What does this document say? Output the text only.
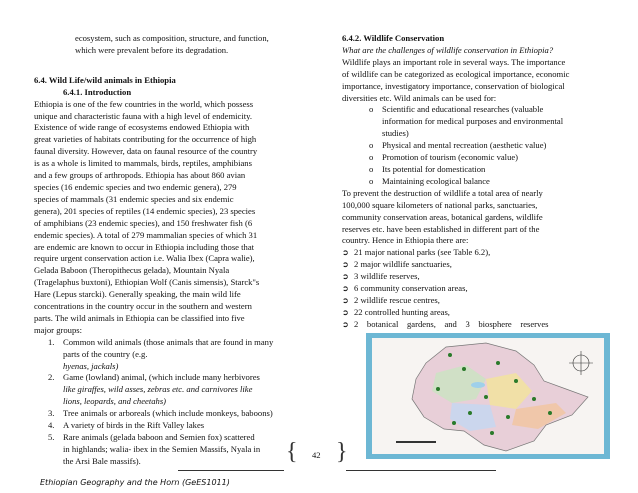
ecosystem, such as composition, structure, and function,
which were prevalent before its degradation.

6.4. Wild Life/wild animals in Ethiopia

6.4.1. Introduction

Ethiopia is one of the few countries in the world, which possess
unique and characteristic fauna with a high level of endemicity.
Existence of wide range of ecosystems endowed Ethiopia with
great varieties of habitats contributing for the occurrence of high
faunal diversity. However, data on faunal resource of the country
is as a whole is limited to mammals, birds, reptiles, amphibians
and a few groups of arthropods. Ethiopia has about 860 avian
species (16 endemic species and two endemic genera), 279
species of mammals (31 endemic species and six endemic
genera), 201 species of reptiles (14 endemic species), 23 species
of amphibians (23 endemic species), and 150 freshwater fish (6
endemic species). A total of 279 mammalian species of which 31
are endemic are known to occur in Ethiopia including those that
require urgent conservation action i.e. Walia Ibex (Capra walie),
Gelada Baboon (Theropithecus gelada), Mountain Nyala
(Tragelaphus buxtoni), Ethiopian Wolf (Canis simensis), Starck"s
Hare (Lepus starcki). Generally speaking, the main wild life
concentrations in the country occur in the southern and western
parts. The wild animals in Ethiopia can be classified into five
major groups:

1. Common wild animals (those animals that are found in many
parts of the country (e.g.
hyenas, jackals)
2. Game (lowland) animal, (which include many herbivores
like giraffes, wild asses, zebras etc. and carnivores like
lions, leopards, and cheetahs)
3. Tree animals or arboreals (which include monkeys, baboons)
4. A variety of birds in the Rift Valley lakes
5. Rare animals (gelada baboon and Semien fox) scattered
in highlands; walia- ibex in the Semien Massifs, Nyala in
the Arsi Bale massifs).

6.4.2. Wildlife Conservation

What are the challenges of wildlife conservation in Ethiopia?

Wildlife plays an important role in several ways. The importance
of wildlife can be categorized as ecological importance, economic
importance, investigatory importance, conservation of biological
diversities etc. Wild animals can be used for:

o Scientific and educational researches (valuable
information for medical purposes and environmental
studies)
o Physical and mental recreation (aesthetic value)
o Promotion of tourism (economic value)
o Its potential for domestication
o Maintaining ecological balance

To prevent the destruction of wildlife a total area of nearly
100,000 square kilometers of national parks, sanctuaries,
community conservation areas, botanical gardens, wildlife
reserves etc. have been established in different part of the
country. Hence in Ethiopia there are:

➲ 21 major national parks (see Table 6.2),
➲ 2 major wildlife sanctuaries,
➲ 3 wildlife reserves,
➲ 6 community conservation areas,
➲ 2 wildlife rescue centres,
➲ 22 controlled hunting areas,
➲ 2    botanical    gardens,    and    3    biosphere    reserves
{ }
42
Ethiopian Geography and the Horn (GeES1011)
